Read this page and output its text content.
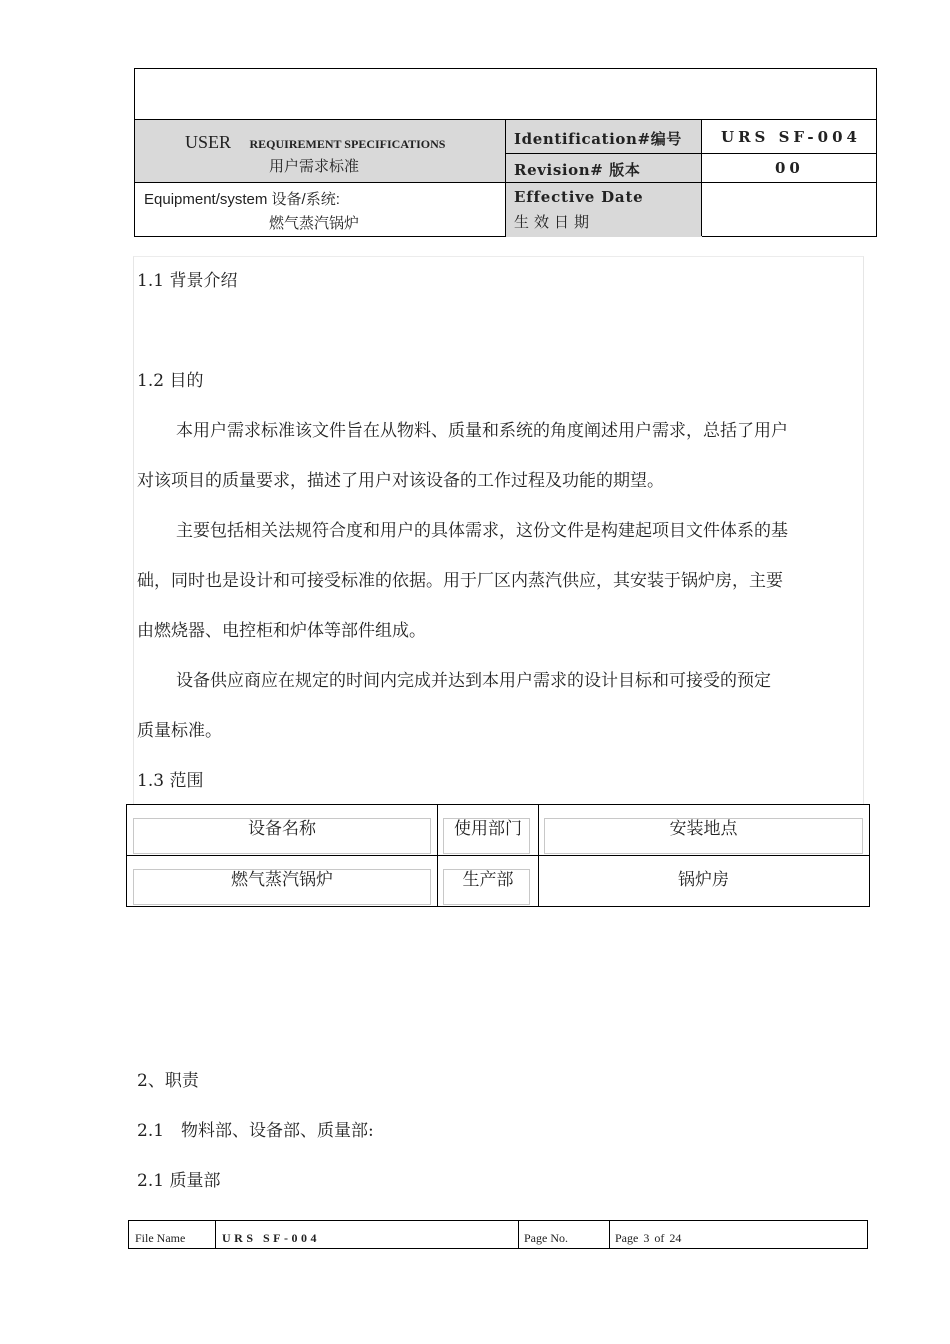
USER REQUIREMENT SPECIFICATIONS
用户需求标准
Identification#编号	URS SF-004
Revision# 版本	00
Equipment/system 设备/系统:
燃气蒸汽锅炉
Effective Date
生效日期
1.1 背景介绍
1.2 目的
本用户需求标准该文件旨在从物料、质量和系统的角度阐述用户需求，总括了用户
对该项目的质量要求，描述了用户对该设备的工作过程及功能的期望。
主要包括相关法规符合度和用户的具体需求，这份文件是构建起项目文件体系的基
础，同时也是设计和可接受标准的依据。用于厂区内蒸汽供应，其安装于锅炉房，主要
由燃烧器、电控柜和炉体等部件组成。
设备供应商应在规定的时间内完成并达到本用户需求的设计目标和可接受的预定
质量标准。
1.3 范围
设备名称	使用部门	安装地点
燃气蒸汽锅炉	生产部	锅炉房
2、职责
2.1　物料部、设备部、质量部:
2.1 质量部
File Name	URS SF-004	Page No.	Page 3 of 24
